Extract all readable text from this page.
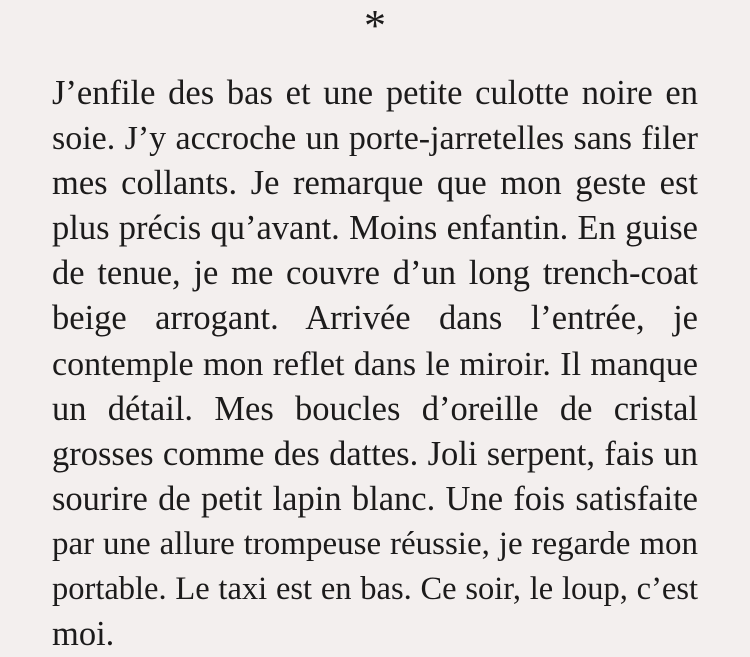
*
J’enfile des bas et une petite culotte noire en
soie. J’y accroche un porte-jarretelles sans filer
mes collants. Je remarque que mon geste est
plus précis qu’avant. Moins enfantin. En guise
de tenue, je me couvre d’un long trench-coat
beige arrogant. Arrivée dans l’entrée, je
contemple mon reflet dans le miroir. Il manque
un détail. Mes boucles d’oreille de cristal
grosses comme des dattes. Joli serpent, fais un
sourire de petit lapin blanc. Une fois satisfaite
par une allure trompeuse réussie, je regarde mon
portable. Le taxi est en bas. Ce soir, le loup, c’est
moi.
